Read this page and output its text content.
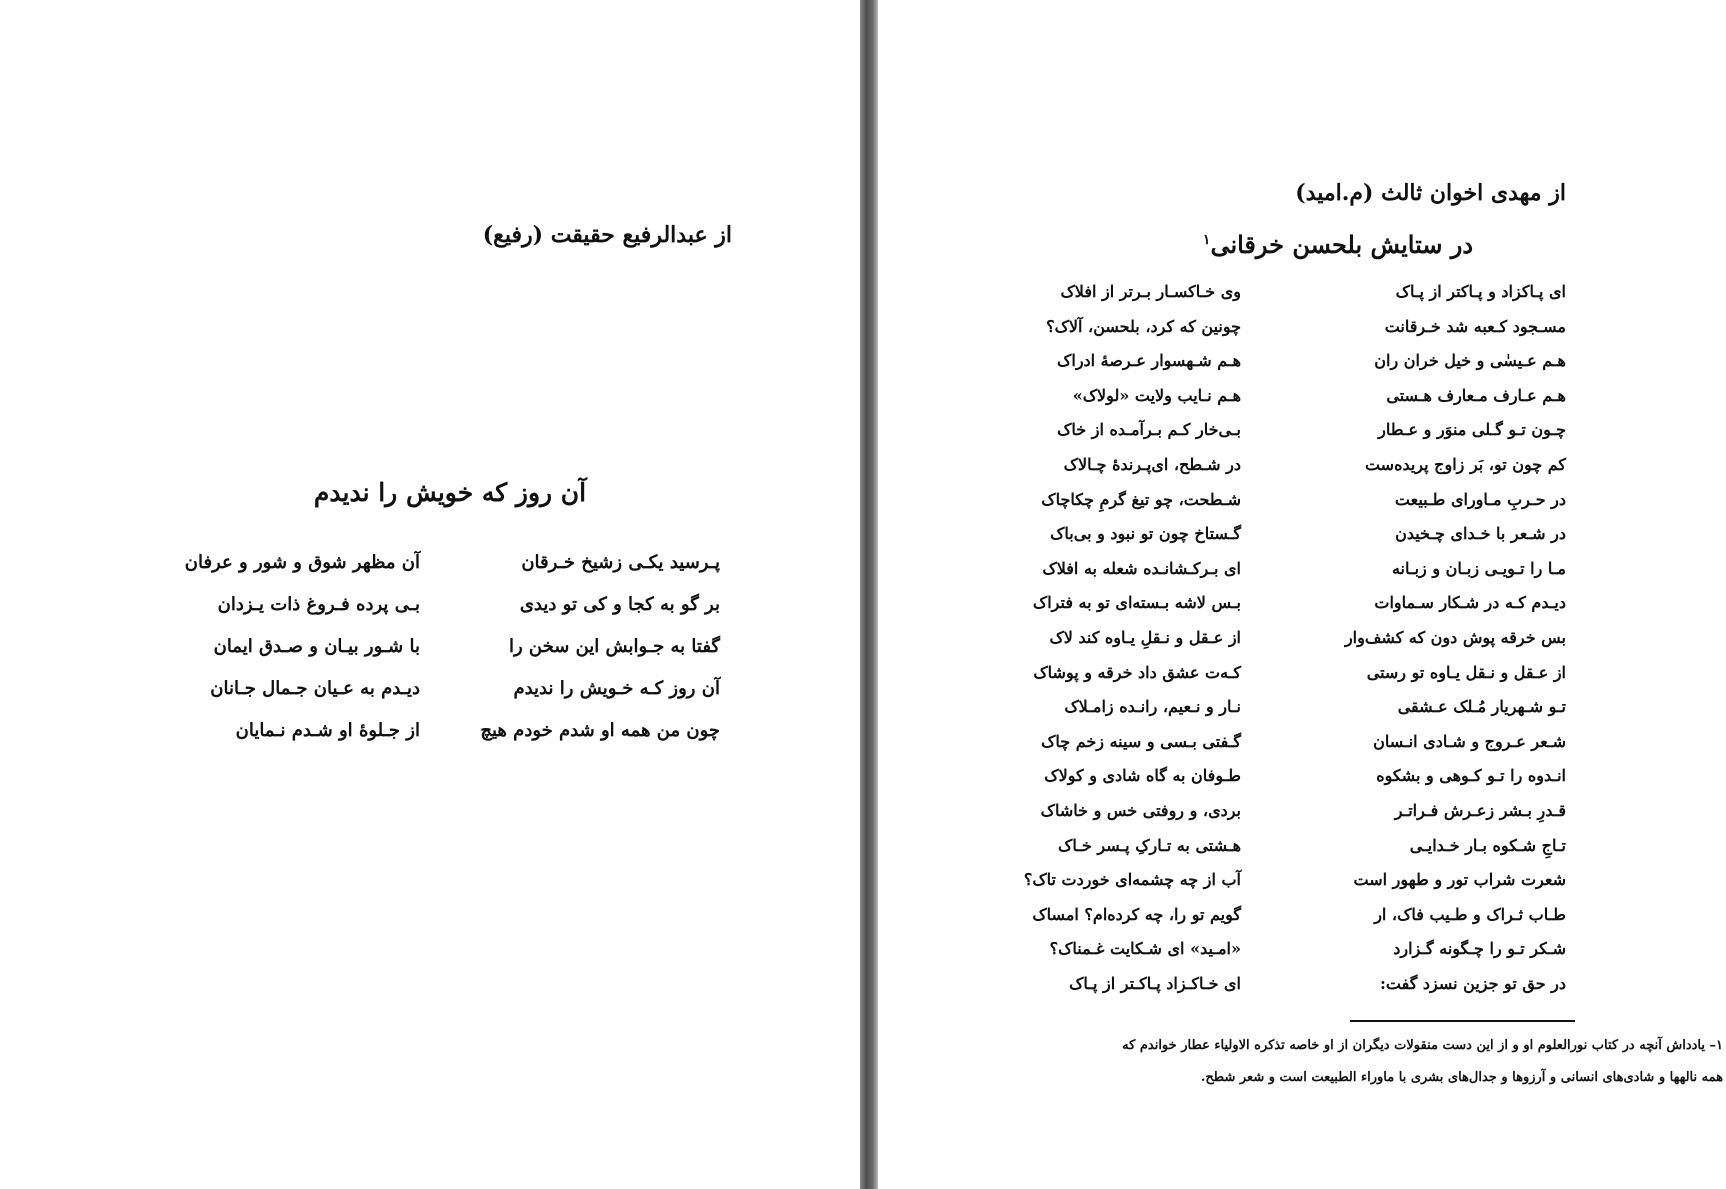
از عبدالرفیع حقیقت (رفیع)
آن روز که خویش را ندیدم
پـرسید یکـی زشیخ خـرقان
آن مظهر شوق و شور و عرفان
بر گو به کجا و کی تو دیدی
بـی پرده فـروغ ذات یـزدان
گفتا به جـوابش این سخن را
با شـور بیـان و صـدق ایمان
آن روز کـه خـویش را ندیدم
دیـدم به عـیان جـمال جـانان
چون من همه او شدم خودم هیچ
از جـلوهٔ او شـدم نـمایان
از مهدی اخوان ثالث (م.امید)
در ستایش بلحسن خرقانی$^۱$
ای پـاکزاد و پـاکتر از پـاک
وی خـاکسـار بـرتر از افلاک
مسـجود کـعبه شد خـرقانت
چونین که کرد، بلحسن، آلاک؟
هـم عـیسٰی و خیل خران ران
هـم شـهسوار عـرصهٔ ادراک
هـم عـارف مـعارف هـستی
هـم نـایب ولایت «لولاک»
چـون تـو گـلی منوَر و عـطار
بـی‌خار کـم بـرآمـده از خاک
کم چون تو، بَر زاوج پریده‌ست
در شـطح، ای‌پـرندهٔ چـالاک
در حـربِ مـاورای طـبیعت
شـطحت، چو تیغ گرمِ چکاچاک
در شـعر با خـدای چـخیدن
گـستاخ چون تو نبود و بی‌باک
مـا را تـویـی زبـان و زبـانه
ای بـرکـشانـده شعله به افلاک
دیـدم کـه در شـکار سـماوات
بـس لاشه بـسته‌ای تو به فتراک
بس خرقه پوش دون که کشف‌وار
از عـقل و نـقلِ یـاوه کند لاک
از عـقل و نـقل یـاوه تو رستی
کـه‌ت عشق داد خرقه و پوشاک
تـو شـهریار مُـلک عـشقی
نـار و نـعیم، رانـده زامـلاک
شـعر عـروج و شـادی انـسان
گـفتی بـسی و سینه زخم چاک
انـدوه را تـو کـوهی و بشکوه
طـوفان به گاه شادی و کولاک
قـدرِ بـشر زعـرش فـراتـر
بردی، و روفتی خس و خاشاک
تـاجِ شـکوه بـار خـدایـی
هـشتی به تـارکِ پـسر خـاک
شعرت شراب تور و طهور است
آب از چه چشمه‌ای خوردت تاک؟
طـاب ثـراک و طـیب فاک، ار
گویم تو را، چه کرده‌ام؟ امساک
شـکر تـو را چـگونه گـزارد
«امـید» ای شـکایت غـمناک؟
در حق تو جزین نسزد گفت:
ای خـاکـزاد پـاکـتر از پـاک
۱– یادداش آنچه در کتاب نورالعلوم او و از این دست منقولات دیگران از او خاصه تذکره الاولیاء عطار خواندم که
همه نالهها و شادی‌های انسانی و آرزوها و جدال‌های بشری با ماوراء الطبیعت است و شعر شطح.
